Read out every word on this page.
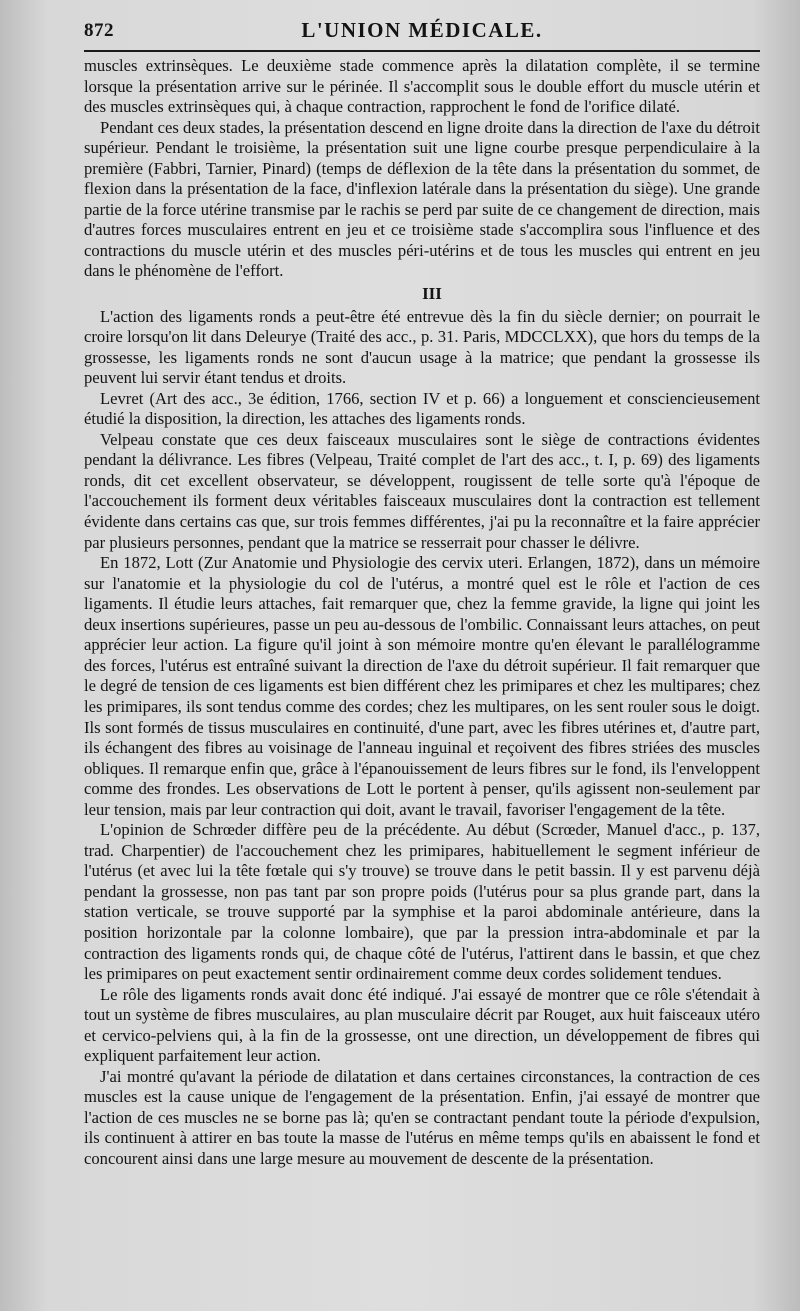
872	L'UNION MÉDICALE.

muscles extrinsèques. Le deuxième stade commence après la dilatation complète, il se termine lorsque la présentation arrive sur le périnée. Il s'accomplit sous le double effort du muscle utérin et des muscles extrinsèques qui, à chaque contraction, rapprochent le fond de l'orifice dilaté.

Pendant ces deux stades, la présentation descend en ligne droite dans la direction de l'axe du détroit supérieur. Pendant le troisième, la présentation suit une ligne courbe presque perpendiculaire à la première (Fabbri, Tarnier, Pinard) (temps de déflexion de la tête dans la présentation du sommet, de flexion dans la présentation de la face, d'inflexion latérale dans la présentation du siège). Une grande partie de la force utérine transmise par le rachis se perd par suite de ce changement de direction, mais d'autres forces musculaires entrent en jeu et ce troisième stade s'accomplira sous l'influence et des contractions du muscle utérin et des muscles péri-utérins et de tous les muscles qui entrent en jeu dans le phénomène de l'effort.

III

L'action des ligaments ronds a peut-être été entrevue dès la fin du siècle dernier; on pourrait le croire lorsqu'on lit dans Deleurye (Traité des acc., p. 31. Paris, MDCCLXX), que hors du temps de la grossesse, les ligaments ronds ne sont d'aucun usage à la matrice; que pendant la grossesse ils peuvent lui servir étant tendus et droits.

Levret (Art des acc., 3e édition, 1766, section IV et p. 66) a longuement et consciencieusement étudié la disposition, la direction, les attaches des ligaments ronds.

Velpeau constate que ces deux faisceaux musculaires sont le siège de contractions évidentes pendant la délivrance. Les fibres (Velpeau, Traité complet de l'art des acc., t. I, p. 69) des ligaments ronds, dit cet excellent observateur, se développent, rougissent de telle sorte qu'à l'époque de l'accouchement ils forment deux véritables faisceaux musculaires dont la contraction est tellement évidente dans certains cas que, sur trois femmes différentes, j'ai pu la reconnaître et la faire apprécier par plusieurs personnes, pendant que la matrice se resserrait pour chasser le délivre.

En 1872, Lott (Zur Anatomie und Physiologie des cervix uteri. Erlangen, 1872), dans un mémoire sur l'anatomie et la physiologie du col de l'utérus, a montré quel est le rôle et l'action de ces ligaments. Il étudie leurs attaches, fait remarquer que, chez la femme gravide, la ligne qui joint les deux insertions supérieures, passe un peu au-dessous de l'ombilic. Connaissant leurs attaches, on peut apprécier leur action. La figure qu'il joint à son mémoire montre qu'en élevant le parallélogramme des forces, l'utérus est entraîné suivant la direction de l'axe du détroit supérieur. Il fait remarquer que le degré de tension de ces ligaments est bien différent chez les primipares et chez les multipares; chez les primipares, ils sont tendus comme des cordes; chez les multipares, on les sent rouler sous le doigt. Ils sont formés de tissus musculaires en continuité, d'une part, avec les fibres utérines et, d'autre part, ils échangent des fibres au voisinage de l'anneau inguinal et reçoivent des fibres striées des muscles obliques. Il remarque enfin que, grâce à l'épanouissement de leurs fibres sur le fond, ils l'enveloppent comme des frondes. Les observations de Lott le portent à penser, qu'ils agissent non-seulement par leur tension, mais par leur contraction qui doit, avant le travail, favoriser l'engagement de la tête.

L'opinion de Schrœder diffère peu de la précédente. Au début (Scrœder, Manuel d'acc., p. 137, trad. Charpentier) de l'accouchement chez les primipares, habituellement le segment inférieur de l'utérus (et avec lui la tête fœtale qui s'y trouve) se trouve dans le petit bassin. Il y est parvenu déjà pendant la grossesse, non pas tant par son propre poids (l'utérus pour sa plus grande part, dans la station verticale, se trouve supporté par la symphise et la paroi abdominale antérieure, dans la position horizontale par la colonne lombaire), que par la pression intra-abdominale et par la contraction des ligaments ronds qui, de chaque côté de l'utérus, l'attirent dans le bassin, et que chez les primipares on peut exactement sentir ordinairement comme deux cordes solidement tendues.

Le rôle des ligaments ronds avait donc été indiqué. J'ai essayé de montrer que ce rôle s'étendait à tout un système de fibres musculaires, au plan musculaire décrit par Rouget, aux huit faisceaux utéro et cervico-pelviens qui, à la fin de la grossesse, ont une direction, un développement de fibres qui expliquent parfaitement leur action.

J'ai montré qu'avant la période de dilatation et dans certaines circonstances, la contraction de ces muscles est la cause unique de l'engagement de la présentation. Enfin, j'ai essayé de montrer que l'action de ces muscles ne se borne pas là; qu'en se contractant pendant toute la période d'expulsion, ils continuent à attirer en bas toute la masse de l'utérus en même temps qu'ils en abaissent le fond et concourent ainsi dans une large mesure au mouvement de descente de la présentation.
